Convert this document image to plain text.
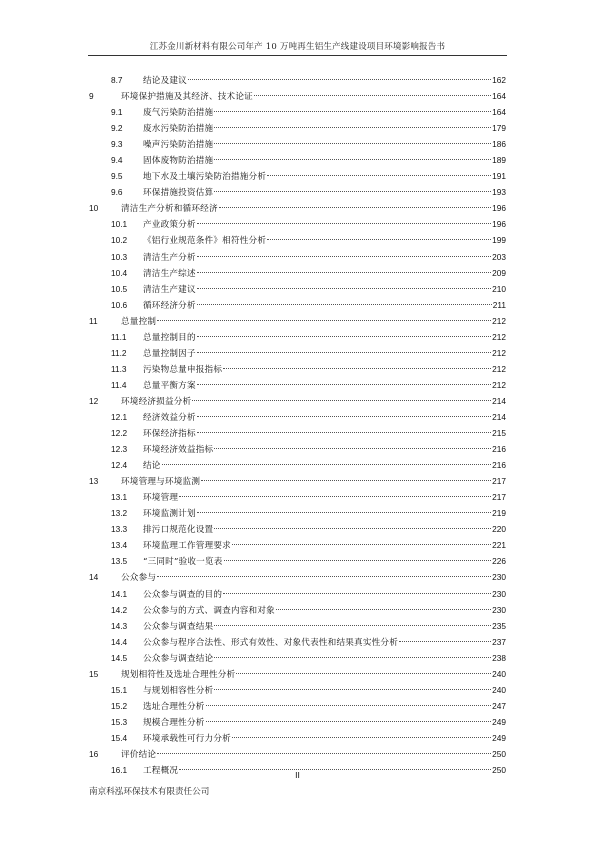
江苏金川新材料有限公司年产 10 万吨再生铝生产线建设项目环境影响报告书
8.7 结论及建议	162
9	环境保护措施及其经济、技术论证	164
9.1 废气污染防治措施	164
9.2 废水污染防治措施	179
9.3 噪声污染防治措施	186
9.4 固体废物防治措施	189
9.5 地下水及土壤污染防治措施分析	191
9.6 环保措施投资估算	193
10	清洁生产分析和循环经济	196
10.1 产业政策分析	196
10.2 《铝行业规范条件》相符性分析	199
10.3 清洁生产分析	203
10.4 清洁生产综述	209
10.5 清洁生产建议	210
10.6 循环经济分析	211
11	总量控制	212
11.1 总量控制目的	212
11.2 总量控制因子	212
11.3 污染物总量申报指标	212
11.4 总量平衡方案	212
12	环境经济损益分析	214
12.1 经济效益分析	214
12.2 环保经济指标	215
12.3 环境经济效益指标	216
12.4 结论	216
13	环境管理与环境监测	217
13.1 环境管理	217
13.2 环境监测计划	219
13.3 排污口规范化设置	220
13.4 环境监理工作管理要求	221
13.5 “三同时”验收一览表	226
14	公众参与	230
14.1 公众参与调查的目的	230
14.2 公众参与的方式、调查内容和对象	230
14.3 公众参与调查结果	235
14.4 公众参与程序合法性、形式有效性、对象代表性和结果真实性分析	237
14.5 公众参与调查结论	238
15	规划相符性及选址合理性分析	240
15.1 与规划相容性分析	240
15.2 选址合理性分析	247
15.3 规模合理性分析	249
15.4 环境承载性可行力分析	249
16	评价结论	250
16.1 工程概况	250
II
南京科泓环保技术有限责任公司
